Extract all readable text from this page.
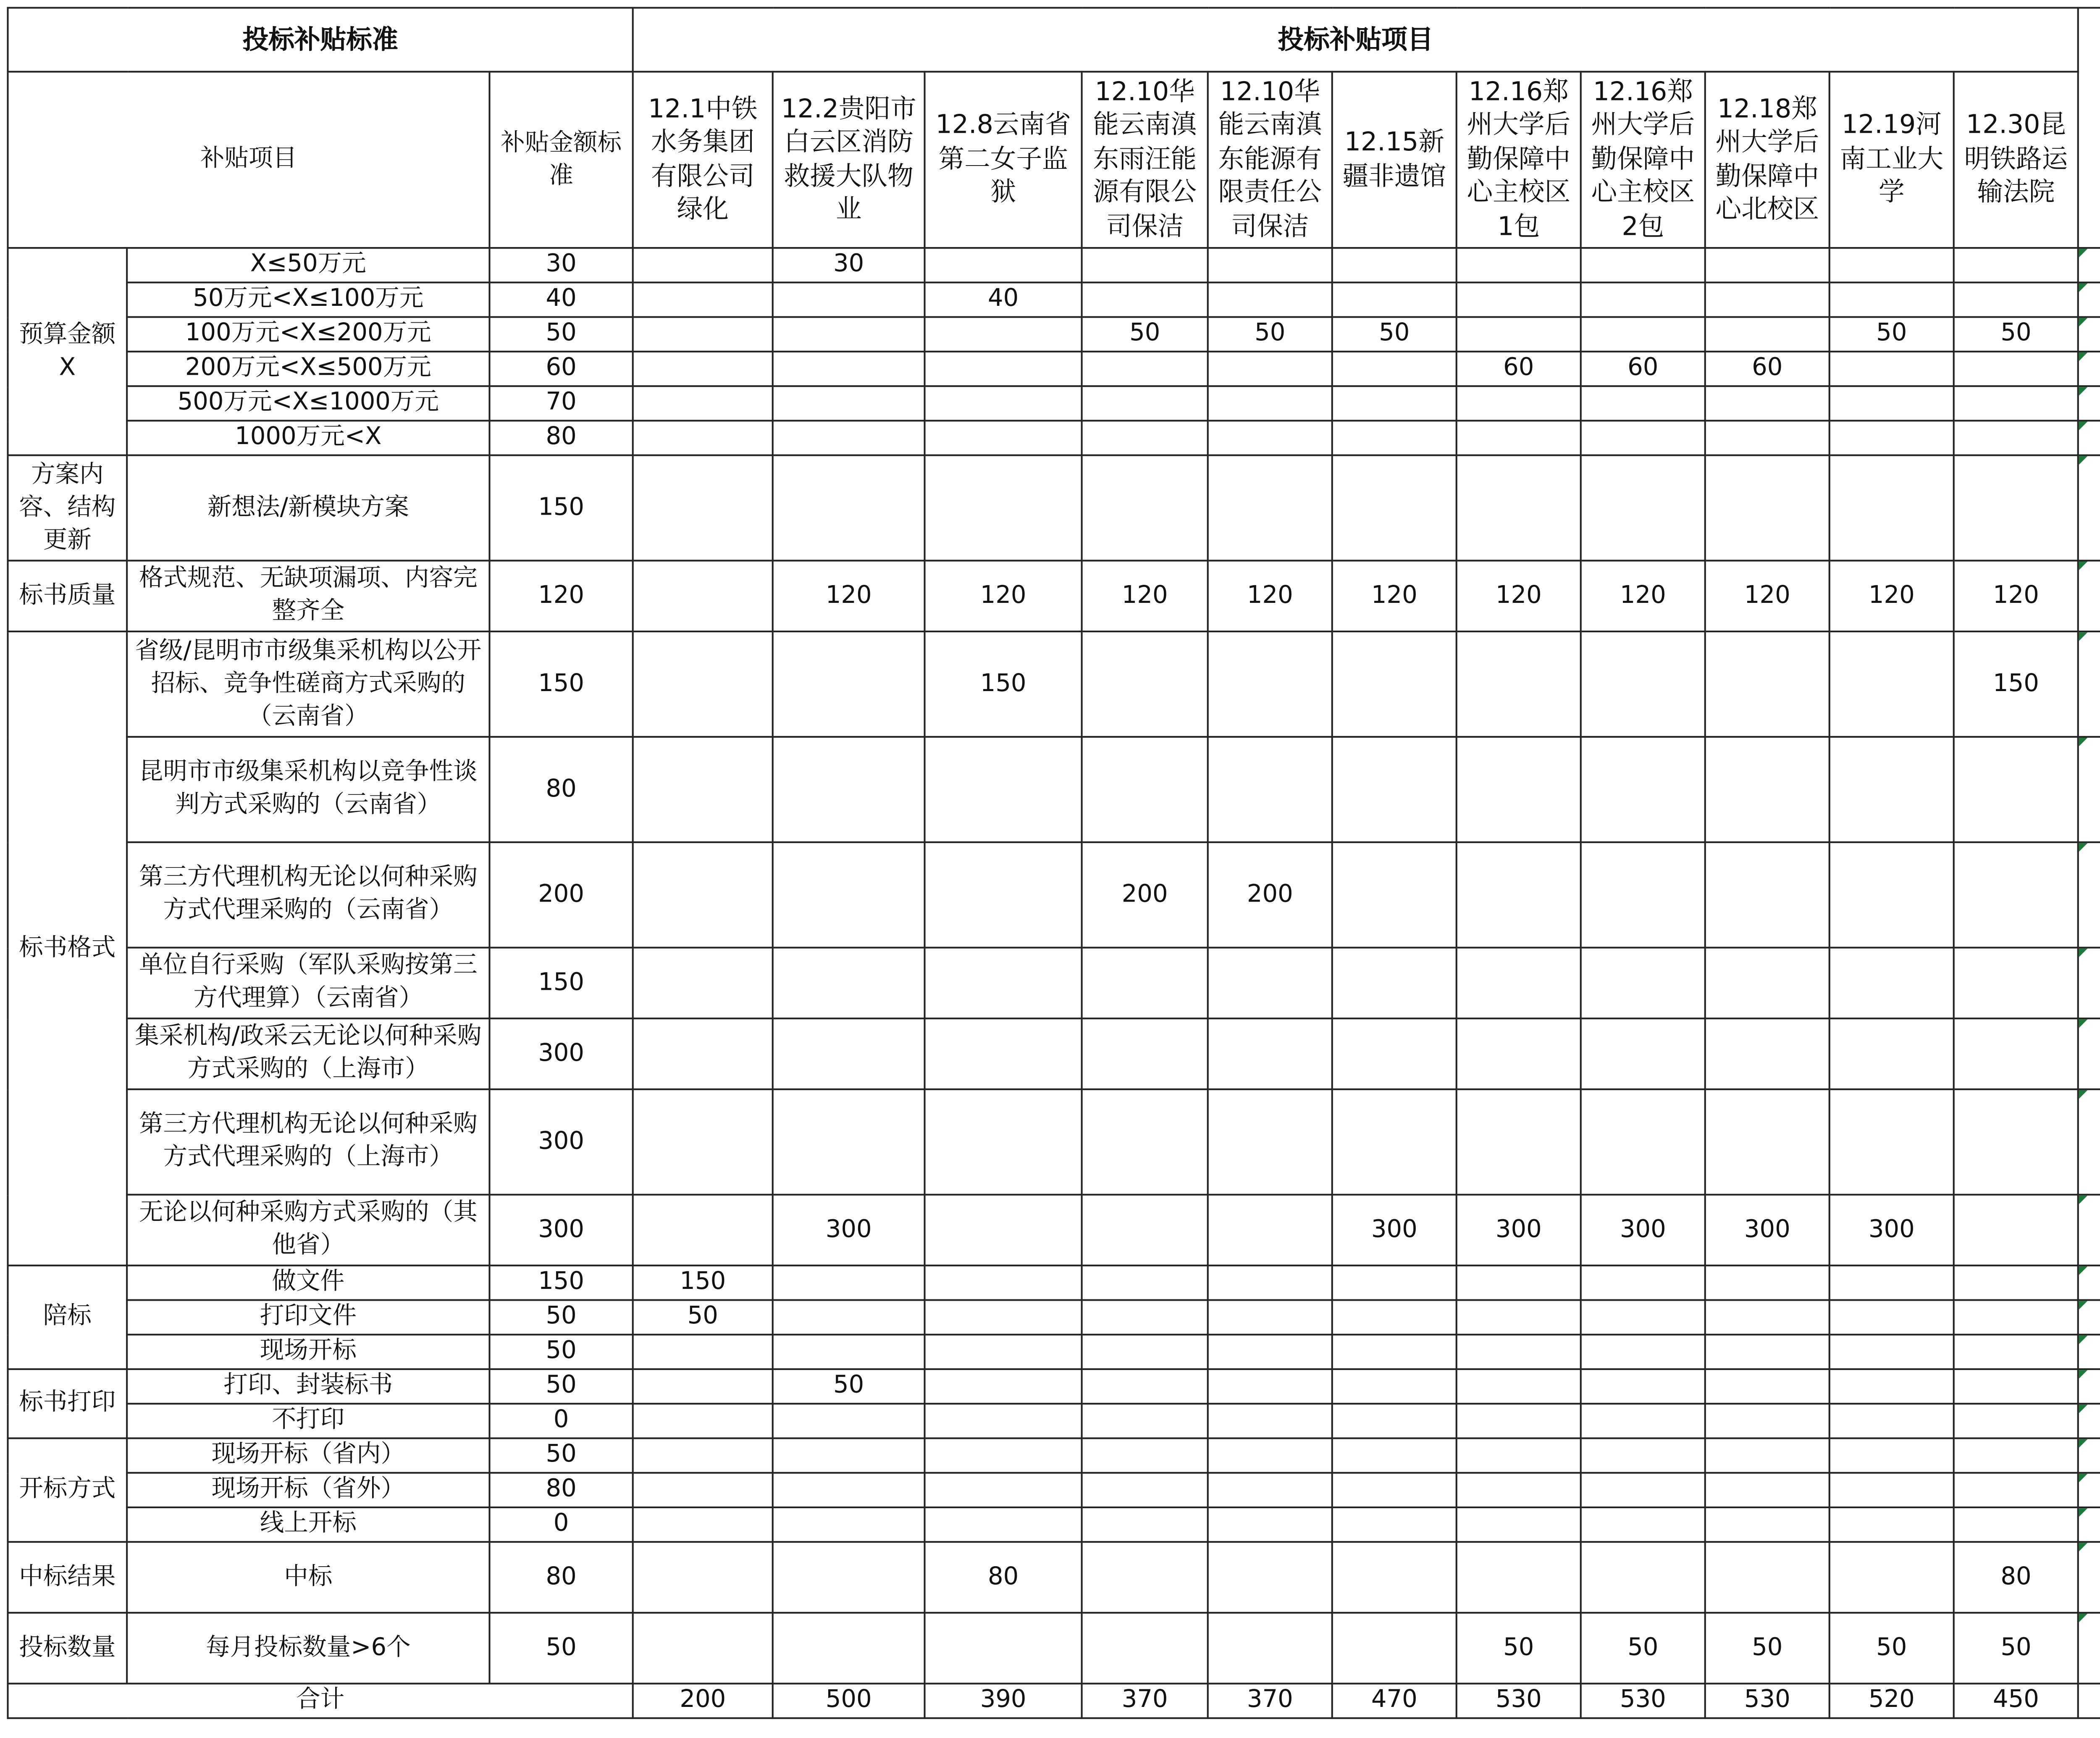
投标补贴标准			投标补贴项目			
补贴项目		补贴金额标准	12.1中铁水务集团有限公司绿化	12.2贵阳市白云区消防救援大队物业	12.8云南省第二女子监狱	12.10华能云南滇东雨汪能源有限公司保洁	12.10华能云南滇东能源有限责任公司保洁	12.15新疆非遗馆	12.16郑州大学后勤保障中心主校区1包	12.16郑州大学后勤保障中心主校区2包	12.18郑州大学后勤保障中心北校区	12.19河南工业大学	12.30昆明铁路运输法院					
预算金额X	X≤50万元	30		30															
	50万元<X≤100万元	40			40									
	100万元<X≤200万元	50				50	50	50				50	50	
	200万元<X≤500万元	60							60	60	60			
	500万元<X≤1000万元	70												
	1000万元<X	80												
方案内容、结构更新	新想法/新模块方案	150												
标书质量	格式规范、无缺项漏项、内容完整齐全	120		120	120	120	120	120	120	120	120	120	120	
标书格式	省级/昆明市市级集采机构以公开招标、竞争性磋商方式采购的（云南省）	150			150								150	
	昆明市市级集采机构以竞争性谈判方式采购的（云南省）	80												
	第三方代理机构无论以何种采购方式代理采购的（云南省）	200				200	200							
	单位自行采购（军队采购按第三方代理算）（云南省）	150												
	集采机构/政采云无论以何种采购方式采购的（上海市）	300												
	第三方代理机构无论以何种采购方式代理采购的（上海市）	300												
	无论以何种采购方式采购的（其他省）	300		300				300	300	300	300	300		
陪标	做文件	150	150											
	打印文件	50	50											
	现场开标	50												
标书打印	打印、封装标书	50		50										
	不打印	0												
开标方式	现场开标（省内）	50												
	现场开标（省外）	80												
	线上开标	0												
中标结果	中标	80			80								80	
投标数量	每月投标数量>6个	50							50	50	50	50	50	
合计			200	500	390	370	370	470	530	530	530	520	450						
